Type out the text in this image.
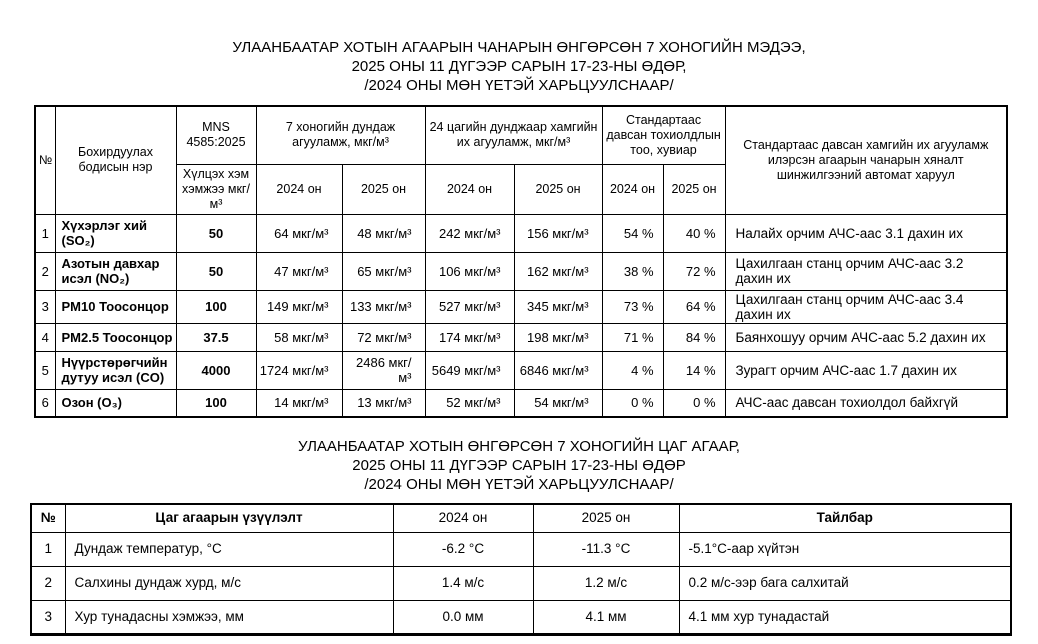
УЛААНБААТАР ХОТЫН АГААРЫН ЧАНАРЫН ӨНГӨРСӨН 7 ХОНОГИЙН МЭДЭЭ,
2025 ОНЫ 11 ДҮГЭЭР САРЫН 17-23-НЫ ӨДӨР,
/2024 ОНЫ МӨН ҮЕТЭЙ ХАРЬЦУУЛСНААР/
№	Бохирдуулах бодисын нэр	MNS 4585:2025	7 хоногийн дундаж агууламж, мкг/м³		24 цагийн дунджаар хамгийн их агууламж, мкг/м³		Стандартаас давсан тохиолдлын тоо, хувиар		Стандартаас давсан хамгийн их агууламж илэрсэн агаарын чанарын хяналт шинжилгээний автомат харуул
		Хүлцэх хэм хэмжээ мкг/м³	2024 он	2025 он	2024 он	2025 он	2024 он	2025 он	
1	Хүхэрлэг хий (SO₂)	50	64 мкг/м³	48 мкг/м³	242 мкг/м³	156 мкг/м³	54 %	40 %	Налайх орчим АЧС-аас 3.1 дахин их
2	Азотын давхар исэл (NO₂)	50	47 мкг/м³	65 мкг/м³	106 мкг/м³	162 мкг/м³	38 %	72 %	Цахилгаан станц орчим АЧС-аас 3.2 дахин их
3	PM10 Тоосонцор	100	149 мкг/м³	133 мкг/м³	527 мкг/м³	345 мкг/м³	73 %	64 %	Цахилгаан станц орчим АЧС-аас 3.4 дахин их
4	PM2.5 Тоосонцор	37.5	58 мкг/м³	72 мкг/м³	174 мкг/м³	198 мкг/м³	71 %	84 %	Баянхошуу орчим АЧС-аас 5.2 дахин их
5	Нүүрстөрөгчийн дутуу исэл (CO)	4000	1724 мкг/м³	2486 мкг/м³	5649 мкг/м³	6846 мкг/м³	4 %	14 %	Зурагт орчим АЧС-аас 1.7 дахин их
6	Озон (O₃)	100	14 мкг/м³	13 мкг/м³	52 мкг/м³	54 мкг/м³	0 %	0 %	АЧС-аас давсан тохиолдол байхгүй
УЛААНБААТАР ХОТЫН ӨНГӨРСӨН 7 ХОНОГИЙН ЦАГ АГААР,
2025 ОНЫ 11 ДҮГЭЭР САРЫН 17-23-НЫ ӨДӨР
/2024 ОНЫ МӨН ҮЕТЭЙ ХАРЬЦУУЛСНААР/
№	Цаг агаарын үзүүлэлт	2024 он	2025 он	Тайлбар
1	Дундаж температур, °С	-6.2 °С	-11.3 °С	-5.1°С-аар хүйтэн
2	Салхины дундаж хурд, м/с	1.4 м/с	1.2 м/с	0.2 м/с-ээр бага салхитай
3	Хур тунадасны хэмжээ, мм	0.0 мм	4.1 мм	4.1 мм хур тунадастай
